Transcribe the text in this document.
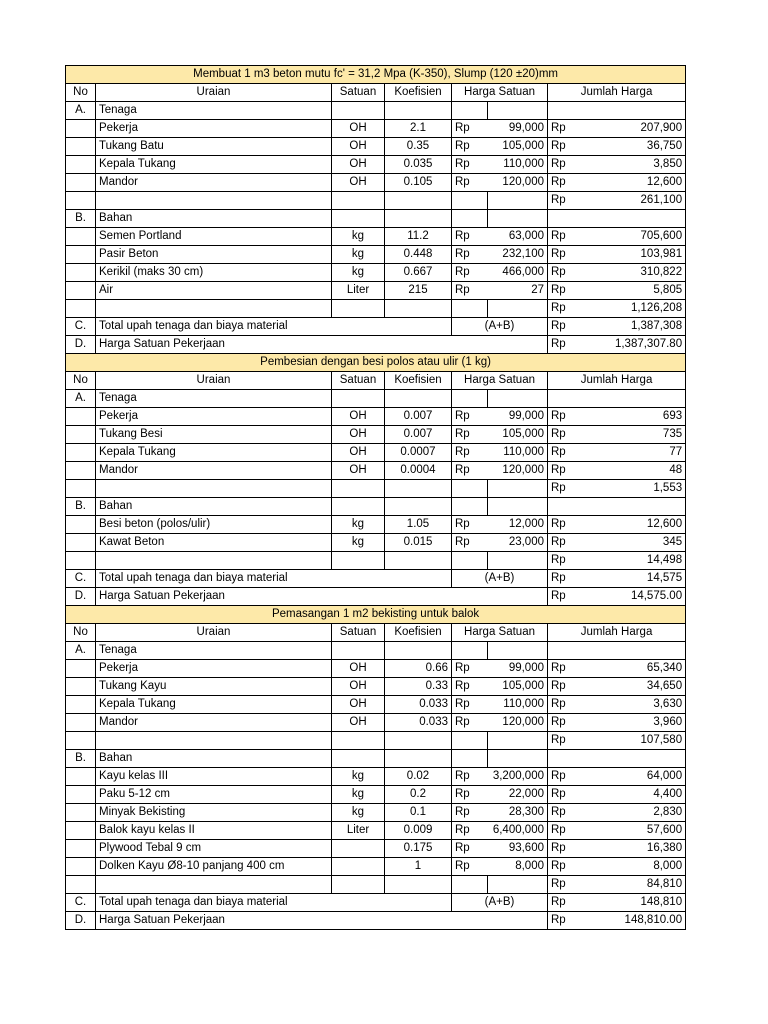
Membuat 1 m3 beton mutu fc' = 31,2 Mpa (K-350), Slump (120 ±20)mm							
No	Uraian	Satuan	Koefisien	Harga Satuan		Jumlah Harga	
A.	Tenaga						
	Pekerja	OH	2.1	Rp	99,000	Rp	207,900
	Tukang Batu	OH	0.35	Rp	105,000	Rp	36,750
	Kepala Tukang	OH	0.035	Rp	110,000	Rp	3,850
	Mandor	OH	0.105	Rp	120,000	Rp	12,600
						Rp	261,100
B.	Bahan						
	Semen Portland	kg	11.2	Rp	63,000	Rp	705,600
	Pasir Beton	kg	0.448	Rp	232,100	Rp	103,981
	Kerikil (maks 30 cm)	kg	0.667	Rp	466,000	Rp	310,822
	Air	Liter	215	Rp	27	Rp	5,805
						Rp	1,126,208
C.	Total upah tenaga dan biaya material			(A+B)		Rp	1,387,308
D.	Harga Satuan Pekerjaan					Rp	1,387,307.80
Pembesian dengan besi polos atau ulir (1 kg)							
No	Uraian	Satuan	Koefisien	Harga Satuan		Jumlah Harga	
A.	Tenaga						
	Pekerja	OH	0.007	Rp	99,000	Rp	693
	Tukang Besi	OH	0.007	Rp	105,000	Rp	735
	Kepala Tukang	OH	0.0007	Rp	110,000	Rp	77
	Mandor	OH	0.0004	Rp	120,000	Rp	48
						Rp	1,553
B.	Bahan						
	Besi beton (polos/ulir)	kg	1.05	Rp	12,000	Rp	12,600
	Kawat Beton	kg	0.015	Rp	23,000	Rp	345
						Rp	14,498
C.	Total upah tenaga dan biaya material			(A+B)		Rp	14,575
D.	Harga Satuan Pekerjaan					Rp	14,575.00
Pemasangan 1 m2 bekisting untuk balok							
No	Uraian	Satuan	Koefisien	Harga Satuan		Jumlah Harga	
A.	Tenaga						
	Pekerja	OH	0.66	Rp	99,000	Rp	65,340
	Tukang Kayu	OH	0.33	Rp	105,000	Rp	34,650
	Kepala Tukang	OH	0.033	Rp	110,000	Rp	3,630
	Mandor	OH	0.033	Rp	120,000	Rp	3,960
						Rp	107,580
B.	Bahan						
	Kayu kelas III	kg	0.02	Rp	3,200,000	Rp	64,000
	Paku 5-12 cm	kg	0.2	Rp	22,000	Rp	4,400
	Minyak Bekisting	kg	0.1	Rp	28,300	Rp	2,830
	Balok kayu kelas II	Liter	0.009	Rp	6,400,000	Rp	57,600
	Plywood Tebal 9 cm		0.175	Rp	93,600	Rp	16,380
	Dolken Kayu Ø8-10 panjang 400 cm		1	Rp	8,000	Rp	8,000
						Rp	84,810
C.	Total upah tenaga dan biaya material			(A+B)		Rp	148,810
D.	Harga Satuan Pekerjaan					Rp	148,810.00
